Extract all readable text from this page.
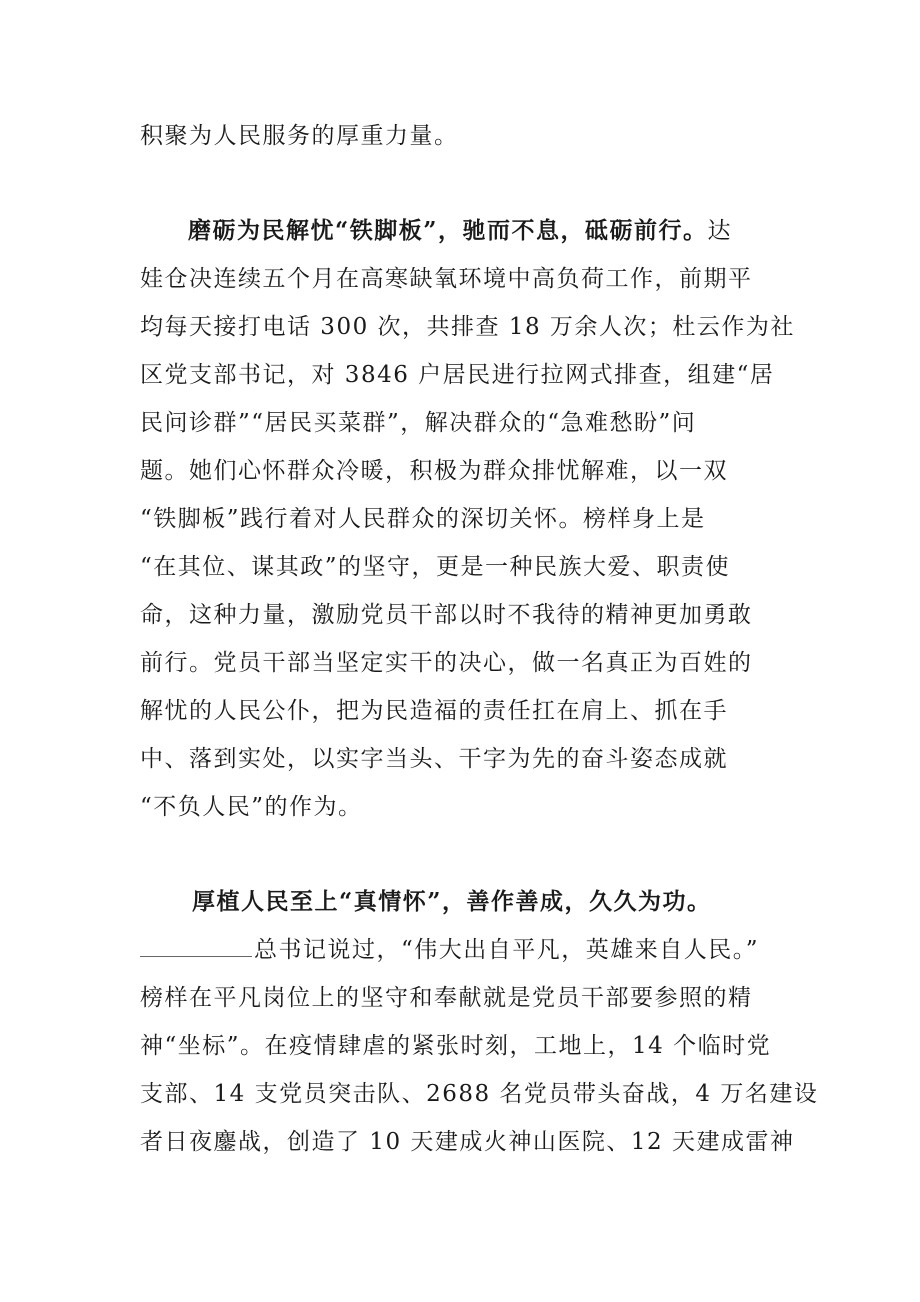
积聚为人民服务的厚重力量。
磨砺为民解忧“铁脚板”，驰而不息，砥砺前行。达
娃仓决连续五个月在高寒缺氧环境中高负荷工作，前期平
均每天接打电话 300 次，共排查 18 万余人次；杜云作为社
区党支部书记，对 3846 户居民进行拉网式排查，组建“居
民问诊群”“居民买菜群”，解决群众的“急难愁盼”问
题。她们心怀群众冷暖，积极为群众排忧解难，以一双
“铁脚板”践行着对人民群众的深切关怀。榜样身上是
“在其位、谋其政”的坚守，更是一种民族大爱、职责使
命，这种力量，激励党员干部以时不我待的精神更加勇敢
前行。党员干部当坚定实干的决心，做一名真正为百姓的
解忧的人民公仆，把为民造福的责任扛在肩上、抓在手
中、落到实处，以实字当头、干字为先的奋斗姿态成就
“不负人民”的作为。
厚植人民至上“真情怀”，善作善成，久久为功。
总书记说过，“伟大出自平凡，英雄来自人民。”
榜样在平凡岗位上的坚守和奉献就是党员干部要参照的精
神“坐标”。在疫情肆虐的紧张时刻，工地上，14 个临时党
支部、14 支党员突击队、2688 名党员带头奋战，4 万名建设
者日夜鏖战，创造了 10 天建成火神山医院、12 天建成雷神
